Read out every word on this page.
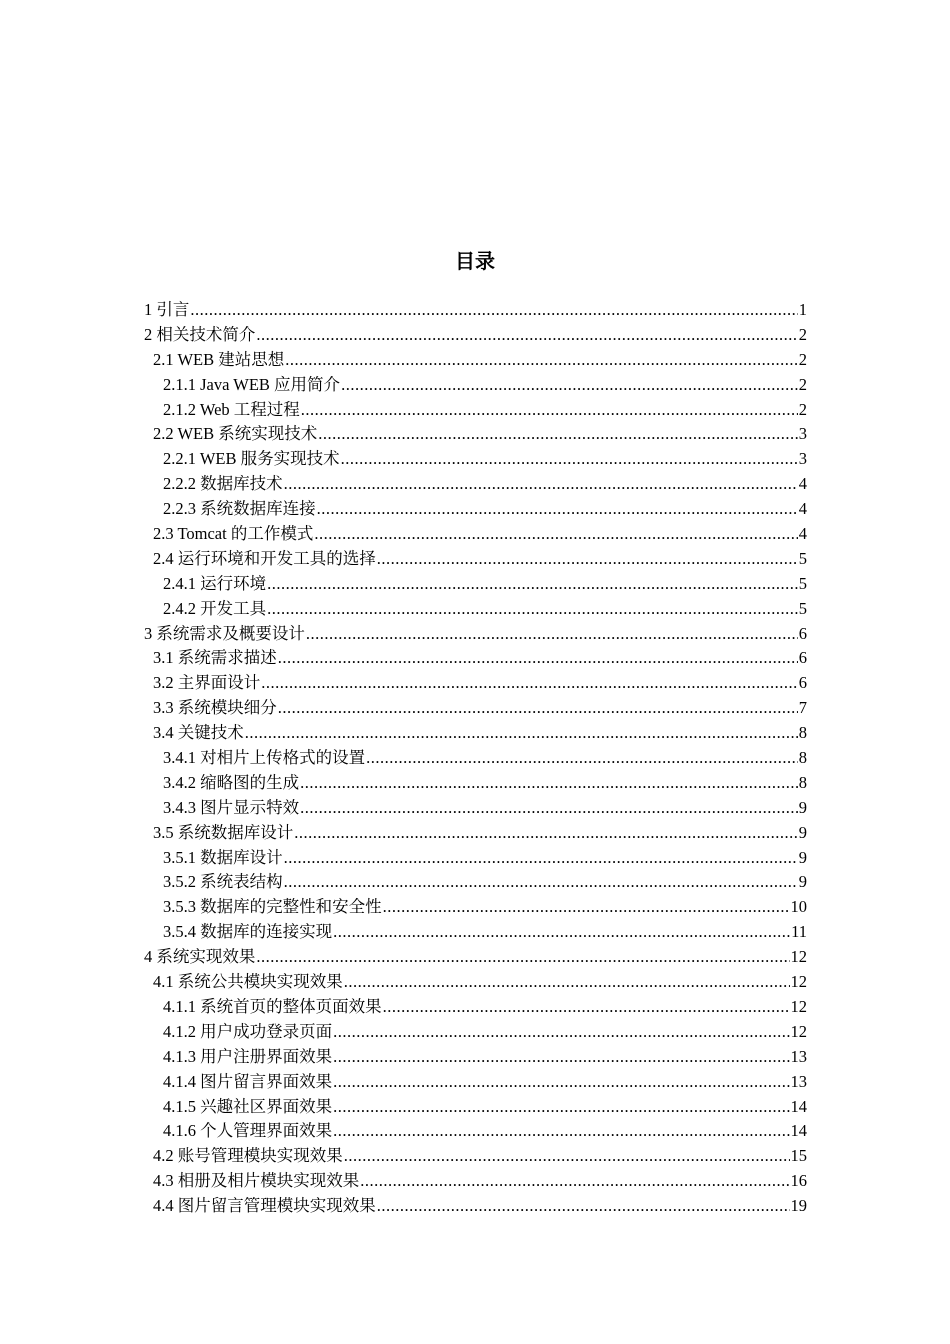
目录
1 引言 .....	1
2 相关技术简介 .....	2
2.1 WEB 建站思想 .....	2
2.1.1 Java WEB 应用简介 .....	2
2.1.2 Web 工程过程 .....	2
2.2 WEB 系统实现技术 .....	3
2.2.1 WEB 服务实现技术 .....	3
2.2.2 数据库技术 .....	4
2.2.3 系统数据库连接 .....	4
2.3 Tomcat 的工作模式 .....	4
2.4 运行环境和开发工具的选择 .....	5
2.4.1 运行环境 .....	5
2.4.2 开发工具 .....	5
3 系统需求及概要设计 .....	6
3.1 系统需求描述 .....	6
3.2 主界面设计 .....	6
3.3 系统模块细分 .....	7
3.4 关键技术 .....	8
3.4.1 对相片上传格式的设置 .....	8
3.4.2 缩略图的生成 .....	8
3.4.3 图片显示特效 .....	9
3.5 系统数据库设计 .....	9
3.5.1 数据库设计 .....	9
3.5.2 系统表结构 .....	9
3.5.3 数据库的完整性和安全性 .....	10
3.5.4 数据库的连接实现 .....	11
4 系统实现效果 .....	12
4.1 系统公共模块实现效果 .....	12
4.1.1 系统首页的整体页面效果 .....	12
4.1.2 用户成功登录页面 .....	12
4.1.3 用户注册界面效果 .....	13
4.1.4 图片留言界面效果 .....	13
4.1.5 兴趣社区界面效果 .....	14
4.1.6 个人管理界面效果 .....	14
4.2 账号管理模块实现效果 .....	15
4.3 相册及相片模块实现效果 .....	16
4.4 图片留言管理模块实现效果 .....	19
